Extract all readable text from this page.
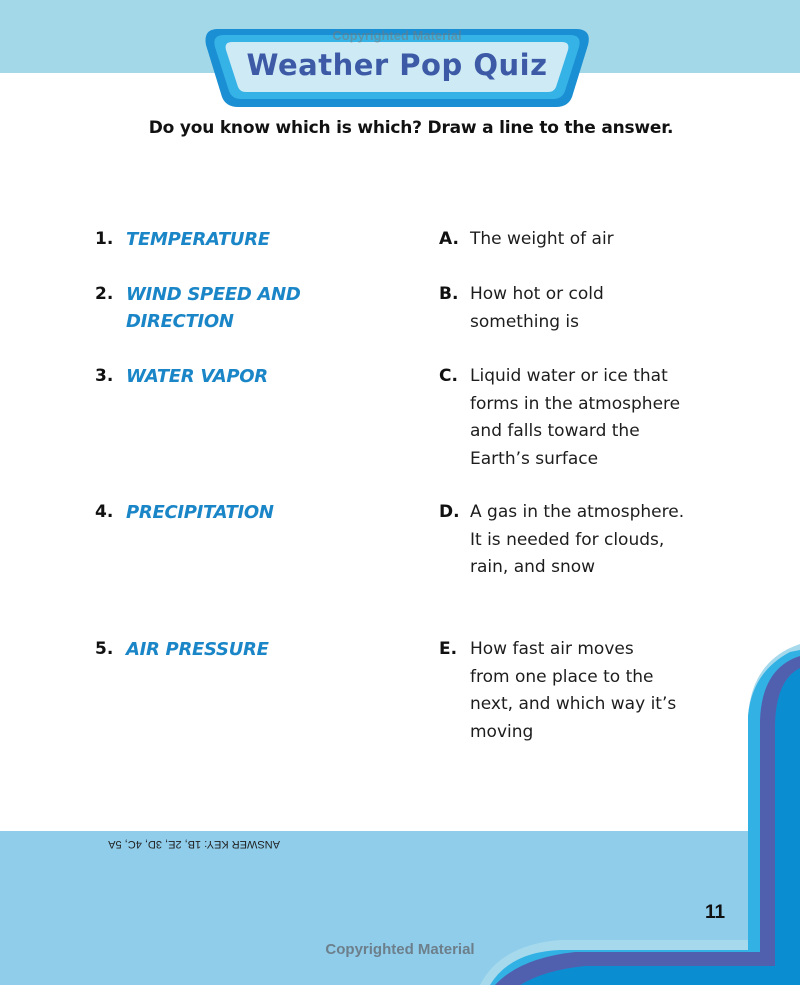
Copyrighted Material
Weather Pop Quiz
Do you know which is which? Draw a line to the answer.
1. TEMPERATURE
2. WIND SPEED AND
DIRECTION
3. WATER VAPOR
4. PRECIPITATION
5. AIR PRESSURE
A. The weight of air
B. How hot or cold
something is
C. Liquid water or ice that
forms in the atmosphere
and falls toward the
Earth’s surface
D. A gas in the atmosphere.
It is needed for clouds,
rain, and snow
E. How fast air moves
from one place to the
next, and which way it’s
moving
ANSWER KEY: 1B, 2E, 3D, 4C, 5A
11
Copyrighted Material
